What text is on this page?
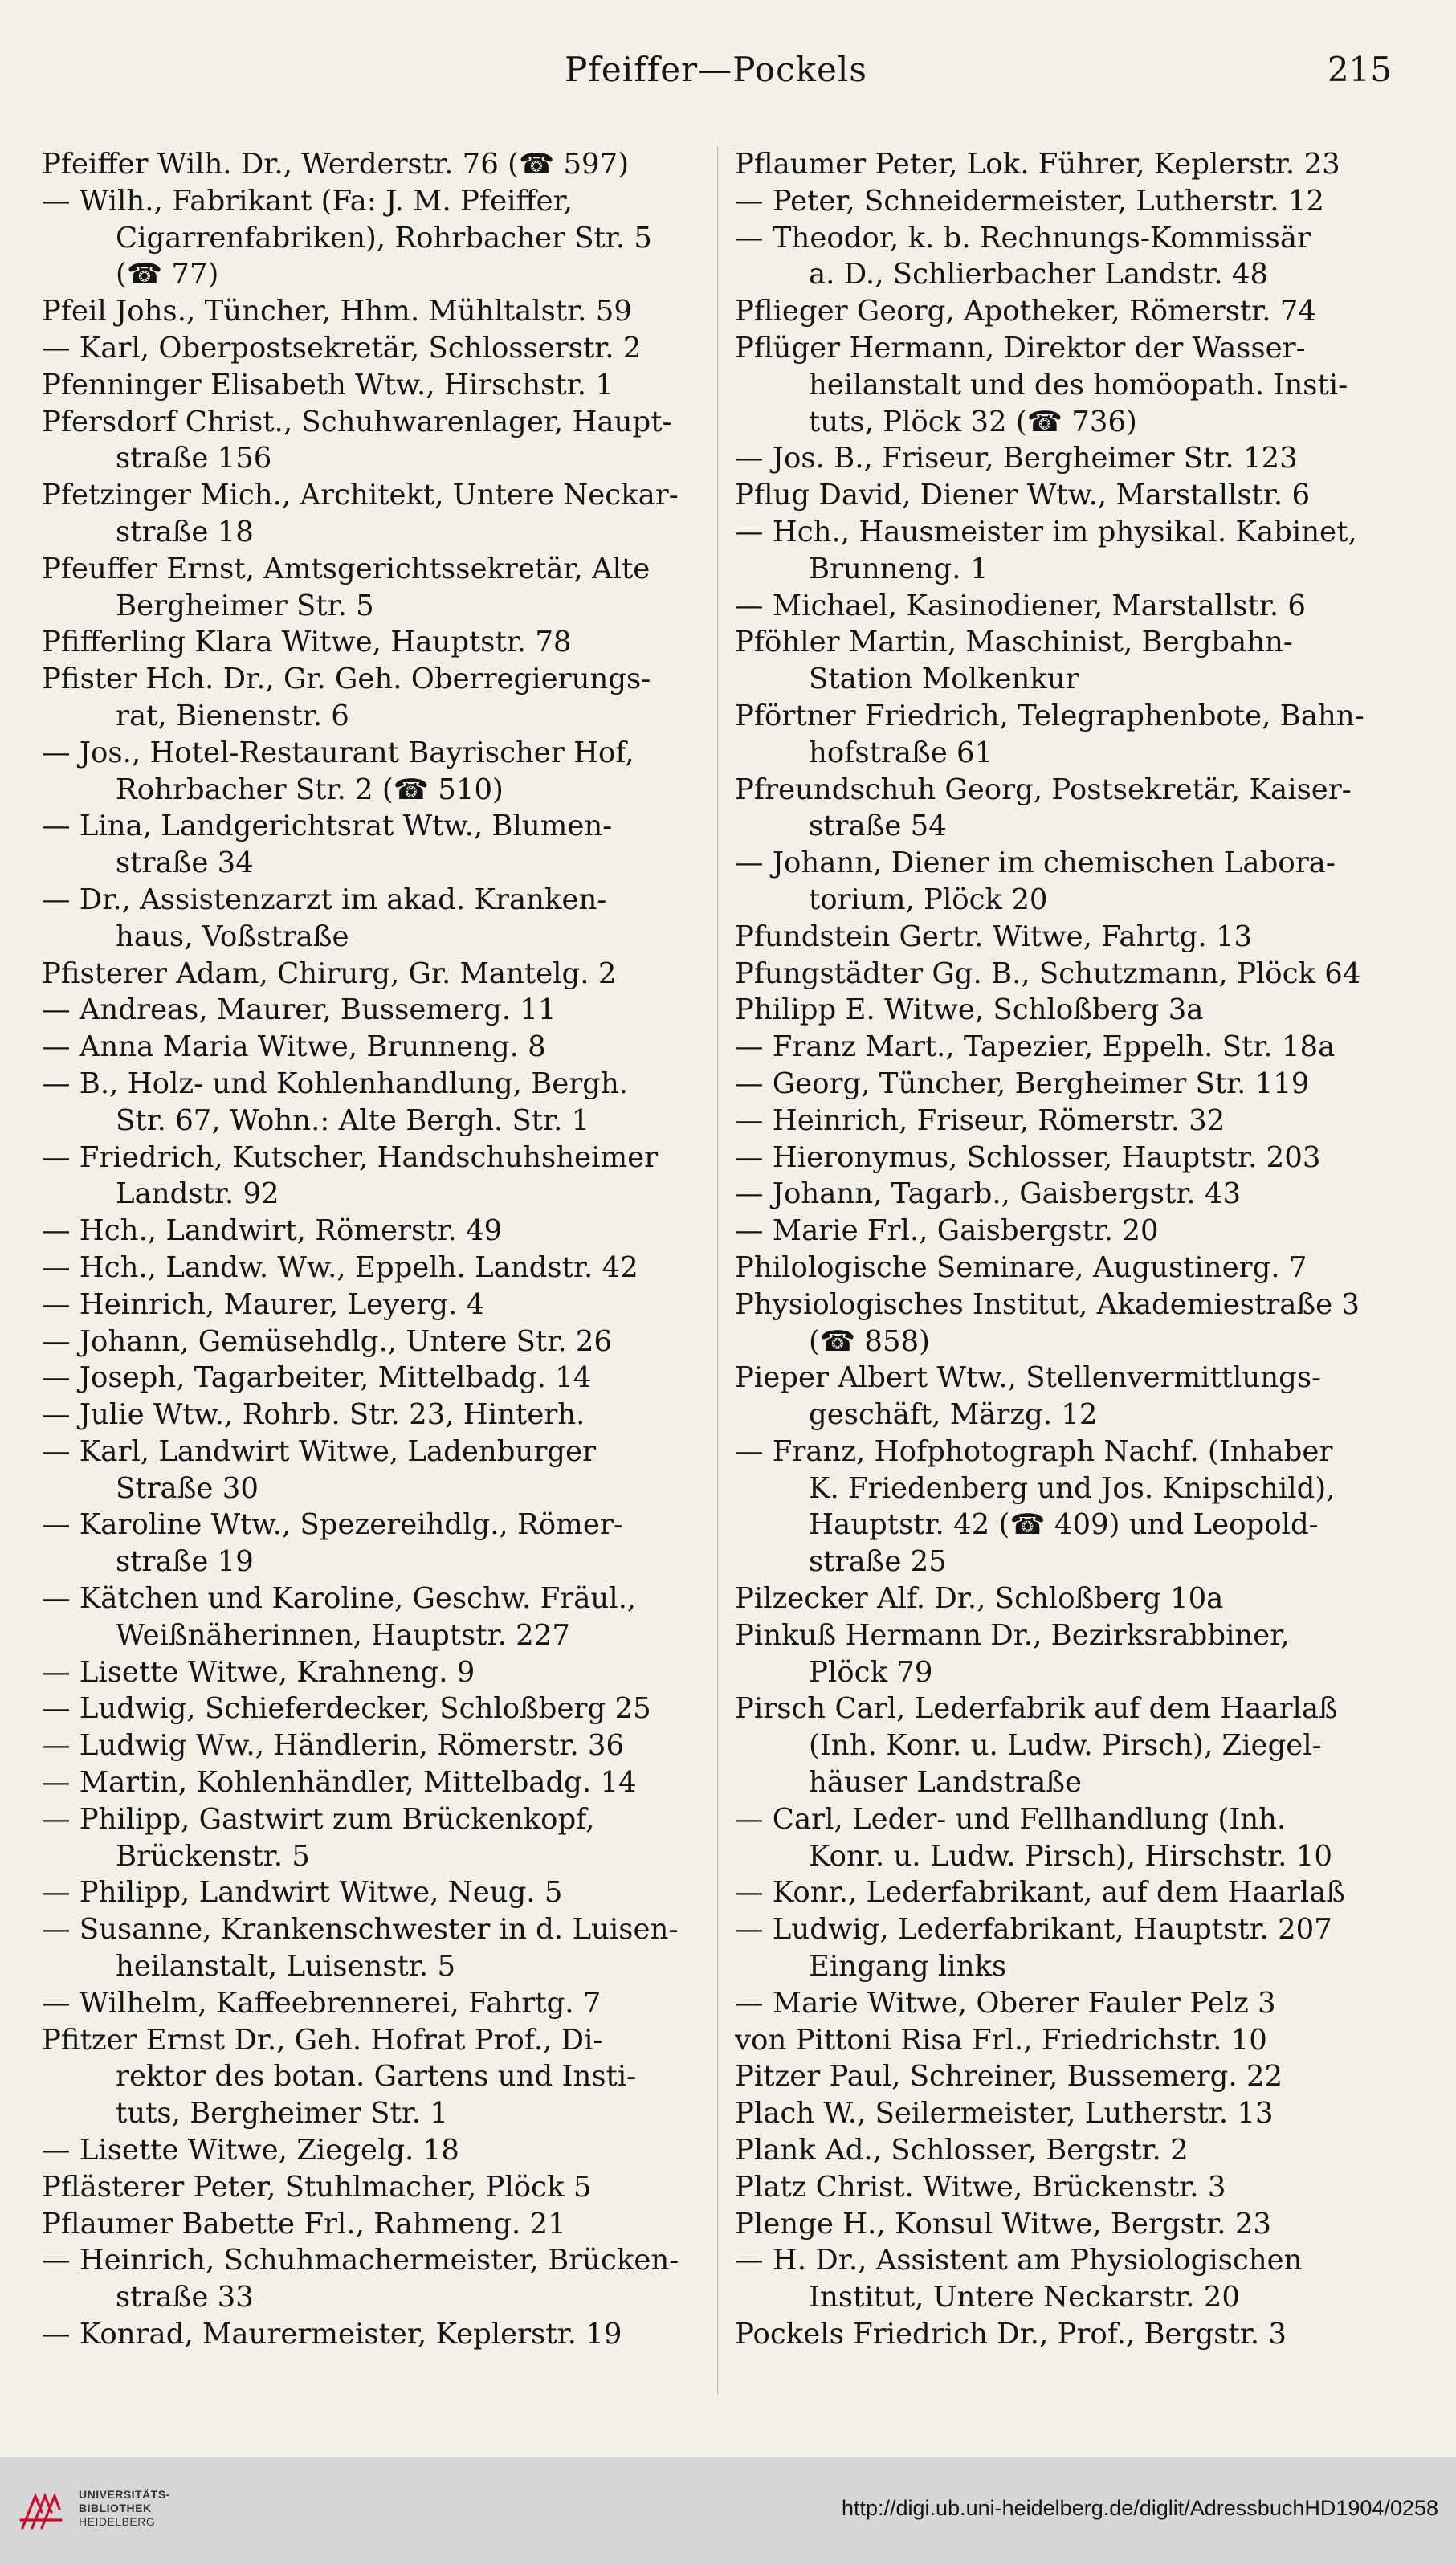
Pfeiffer—Pockels	215
Pfeiffer Wilh. Dr., Werderstr. 76 (☎ 597)
— Wilh., Fabrikant (Fa: J. M. Pfeiffer,
Cigarrenfabriken), Rohrbacher Str. 5
(☎ 77)
Pfeil Johs., Tüncher, Hhm. Mühltalstr. 59
— Karl, Oberpostsekretär, Schlosserstr. 2
Pfenninger Elisabeth Wtw., Hirschstr. 1
Pfersdorf Christ., Schuhwarenlager, Haupt-
straße 156
Pfetzinger Mich., Architekt, Untere Neckar-
straße 18
Pfeuffer Ernst, Amtsgerichtssekretär, Alte
Bergheimer Str. 5
Pfifferling Klara Witwe, Hauptstr. 78
Pfister Hch. Dr., Gr. Geh. Oberregierungs-
rat, Bienenstr. 6
— Jos., Hotel-Restaurant Bayrischer Hof,
Rohrbacher Str. 2 (☎ 510)
— Lina, Landgerichtsrat Wtw., Blumen-
straße 34
— Dr., Assistenzarzt im akad. Kranken-
haus, Voßstraße
Pfisterer Adam, Chirurg, Gr. Mantelg. 2
— Andreas, Maurer, Bussemerg. 11
— Anna Maria Witwe, Brunneng. 8
— B., Holz- und Kohlenhandlung, Bergh.
Str. 67, Wohn.: Alte Bergh. Str. 1
— Friedrich, Kutscher, Handschuhsheimer
Landstr. 92
— Hch., Landwirt, Römerstr. 49
— Hch., Landw. Ww., Eppelh. Landstr. 42
— Heinrich, Maurer, Leyerg. 4
— Johann, Gemüsehdlg., Untere Str. 26
— Joseph, Tagarbeiter, Mittelbadg. 14
— Julie Wtw., Rohrb. Str. 23, Hinterh.
— Karl, Landwirt Witwe, Ladenburger
Straße 30
— Karoline Wtw., Spezereihdlg., Römer-
straße 19
— Kätchen und Karoline, Geschw. Fräul.,
Weißnäherinnen, Hauptstr. 227
— Lisette Witwe, Krahneng. 9
— Ludwig, Schieferdecker, Schloßberg 25
— Ludwig Ww., Händlerin, Römerstr. 36
— Martin, Kohlenhändler, Mittelbadg. 14
— Philipp, Gastwirt zum Brückenkopf,
Brückenstr. 5
— Philipp, Landwirt Witwe, Neug. 5
— Susanne, Krankenschwester in d. Luisen-
heilanstalt, Luisenstr. 5
— Wilhelm, Kaffeebrennerei, Fahrtg. 7
Pfitzer Ernst Dr., Geh. Hofrat Prof., Di-
rektor des botan. Gartens und Insti-
tuts, Bergheimer Str. 1
— Lisette Witwe, Ziegelg. 18
Pflästerer Peter, Stuhlmacher, Plöck 5
Pflaumer Babette Frl., Rahmeng. 21
— Heinrich, Schuhmachermeister, Brücken-
straße 33
— Konrad, Maurermeister, Keplerstr. 19
Pflaumer Peter, Lok. Führer, Keplerstr. 23
— Peter, Schneidermeister, Lutherstr. 12
— Theodor, k. b. Rechnungs-Kommissär
a. D., Schlierbacher Landstr. 48
Pflieger Georg, Apotheker, Römerstr. 74
Pflüger Hermann, Direktor der Wasser-
heilanstalt und des homöopath. Insti-
tuts, Plöck 32 (☎ 736)
— Jos. B., Friseur, Bergheimer Str. 123
Pflug David, Diener Wtw., Marstallstr. 6
— Hch., Hausmeister im physikal. Kabinet,
Brunneng. 1
— Michael, Kasinodiener, Marstallstr. 6
Pföhler Martin, Maschinist, Bergbahn-
Station Molkenkur
Pförtner Friedrich, Telegraphenbote, Bahn-
hofstraße 61
Pfreundschuh Georg, Postsekretär, Kaiser-
straße 54
— Johann, Diener im chemischen Labora-
torium, Plöck 20
Pfundstein Gertr. Witwe, Fahrtg. 13
Pfungstädter Gg. B., Schutzmann, Plöck 64
Philipp E. Witwe, Schloßberg 3a
— Franz Mart., Tapezier, Eppelh. Str. 18a
— Georg, Tüncher, Bergheimer Str. 119
— Heinrich, Friseur, Römerstr. 32
— Hieronymus, Schlosser, Hauptstr. 203
— Johann, Tagarb., Gaisbergstr. 43
— Marie Frl., Gaisbergstr. 20
Philologische Seminare, Augustinerg. 7
Physiologisches Institut, Akademiestraße 3
(☎ 858)
Pieper Albert Wtw., Stellenvermittlungs-
geschäft, Märzg. 12
— Franz, Hofphotograph Nachf. (Inhaber
K. Friedenberg und Jos. Knipschild),
Hauptstr. 42 (☎ 409) und Leopold-
straße 25
Pilzecker Alf. Dr., Schloßberg 10a
Pinkuß Hermann Dr., Bezirksrabbiner,
Plöck 79
Pirsch Carl, Lederfabrik auf dem Haarlaß
(Inh. Konr. u. Ludw. Pirsch), Ziegel-
häuser Landstraße
— Carl, Leder- und Fellhandlung (Inh.
Konr. u. Ludw. Pirsch), Hirschstr. 10
— Konr., Lederfabrikant, auf dem Haarlaß
— Ludwig, Lederfabrikant, Hauptstr. 207
Eingang links
— Marie Witwe, Oberer Fauler Pelz 3
von Pittoni Risa Frl., Friedrichstr. 10
Pitzer Paul, Schreiner, Bussemerg. 22
Plach W., Seilermeister, Lutherstr. 13
Plank Ad., Schlosser, Bergstr. 2
Platz Christ. Witwe, Brückenstr. 3
Plenge H., Konsul Witwe, Bergstr. 23
— H. Dr., Assistent am Physiologischen
Institut, Untere Neckarstr. 20
Pockels Friedrich Dr., Prof., Bergstr. 3
UNIVERSITÄTS-
BIBLIOTHEK
HEIDELBERG
http://digi.ub.uni-heidelberg.de/diglit/AdressbuchHD1904/0258
